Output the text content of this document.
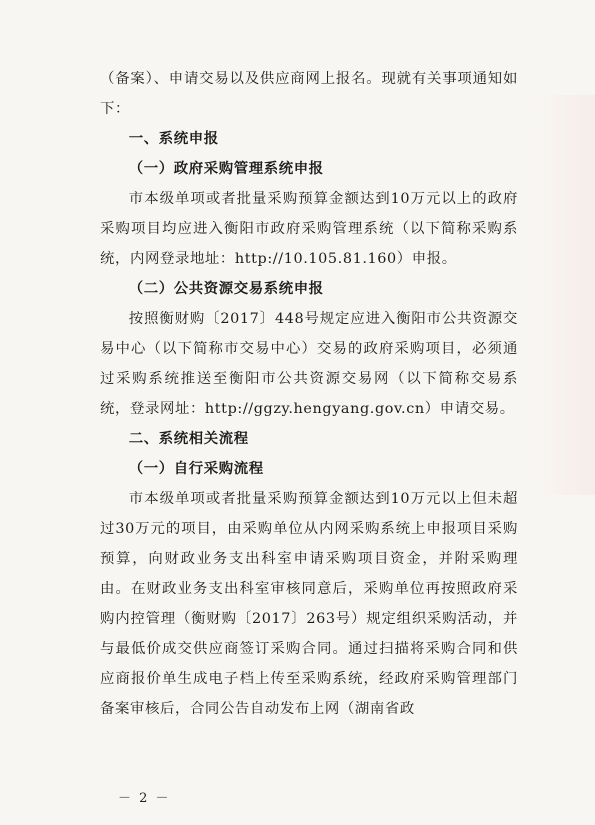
（备案）、申请交易以及供应商网上报名。现就有关事项通知如下：

一、系统申报

（一）政府采购管理系统申报

市本级单项或者批量采购预算金额达到10万元以上的政府采购项目均应进入衡阳市政府采购管理系统（以下简称采购系统，内网登录地址：http://10.105.81.160）申报。

（二）公共资源交易系统申报

按照衡财购〔2017〕448号规定应进入衡阳市公共资源交易中心（以下简称市交易中心）交易的政府采购项目，必须通过采购系统推送至衡阳市公共资源交易网（以下简称交易系统，登录网址：http://ggzy.hengyang.gov.cn）申请交易。

二、系统相关流程

（一）自行采购流程

市本级单项或者批量采购预算金额达到10万元以上但未超过30万元的项目，由采购单位从内网采购系统上申报项目采购预算，向财政业务支出科室申请采购项目资金，并附采购理由。在财政业务支出科室审核同意后，采购单位再按照政府采购内控管理（衡财购〔2017〕263号）规定组织采购活动，并与最低价成交供应商签订采购合同。通过扫描将采购合同和供应商报价单生成电子档上传至采购系统，经政府采购管理部门备案审核后，合同公告自动发布上网（湖南省政

－ 2 －
